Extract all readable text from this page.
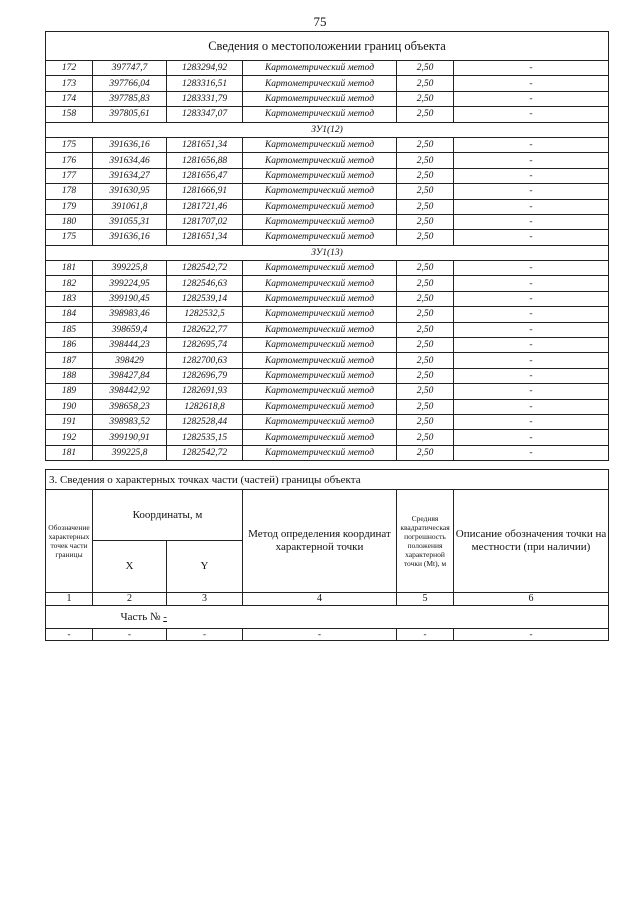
75
Сведения о местоположении границ объекта					
172	397747,7	1283294,92	Картометрический метод	2,50	-
173	397766,04	1283316,51	Картометрический метод	2,50	-
174	397785,83	1283331,79	Картометрический метод	2,50	-
158	397805,61	1283347,07	Картометрический метод	2,50	-
ЗУ1(12)					
175	391636,16	1281651,34	Картометрический метод	2,50	-
176	391634,46	1281656,88	Картометрический метод	2,50	-
177	391634,27	1281656,47	Картометрический метод	2,50	-
178	391630,95	1281666,91	Картометрический метод	2,50	-
179	391061,8	1281721,46	Картометрический метод	2,50	-
180	391055,31	1281707,02	Картометрический метод	2,50	-
175	391636,16	1281651,34	Картометрический метод	2,50	-
ЗУ1(13)					
181	399225,8	1282542,72	Картометрический метод	2,50	-
182	399224,95	1282546,63	Картометрический метод	2,50	-
183	399190,45	1282539,14	Картометрический метод	2,50	-
184	398983,46	1282532,5	Картометрический метод	2,50	-
185	398659,4	1282622,77	Картометрический метод	2,50	-
186	398444,23	1282695,74	Картометрический метод	2,50	-
187	398429	1282700,63	Картометрический метод	2,50	-
188	398427,84	1282696,79	Картометрический метод	2,50	-
189	398442,92	1282691,93	Картометрический метод	2,50	-
190	398658,23	1282618,8	Картометрический метод	2,50	-
191	398983,52	1282528,44	Картометрический метод	2,50	-
192	399190,91	1282535,15	Картометрический метод	2,50	-
181	399225,8	1282542,72	Картометрический метод	2,50	-
3. Сведения о характерных точках части (частей) границы объекта					
Обозначение характерных точек части границы	Координаты, м		Метод определения координат характерной точки	Средняя квадратическая погрешность положения характерной точки (Мt), м	Описание обозначения точки на местности (при наличии)
	X	Y			
1	2	3	4	5	6
	Часть № -				
-	-	-	-	-	-
